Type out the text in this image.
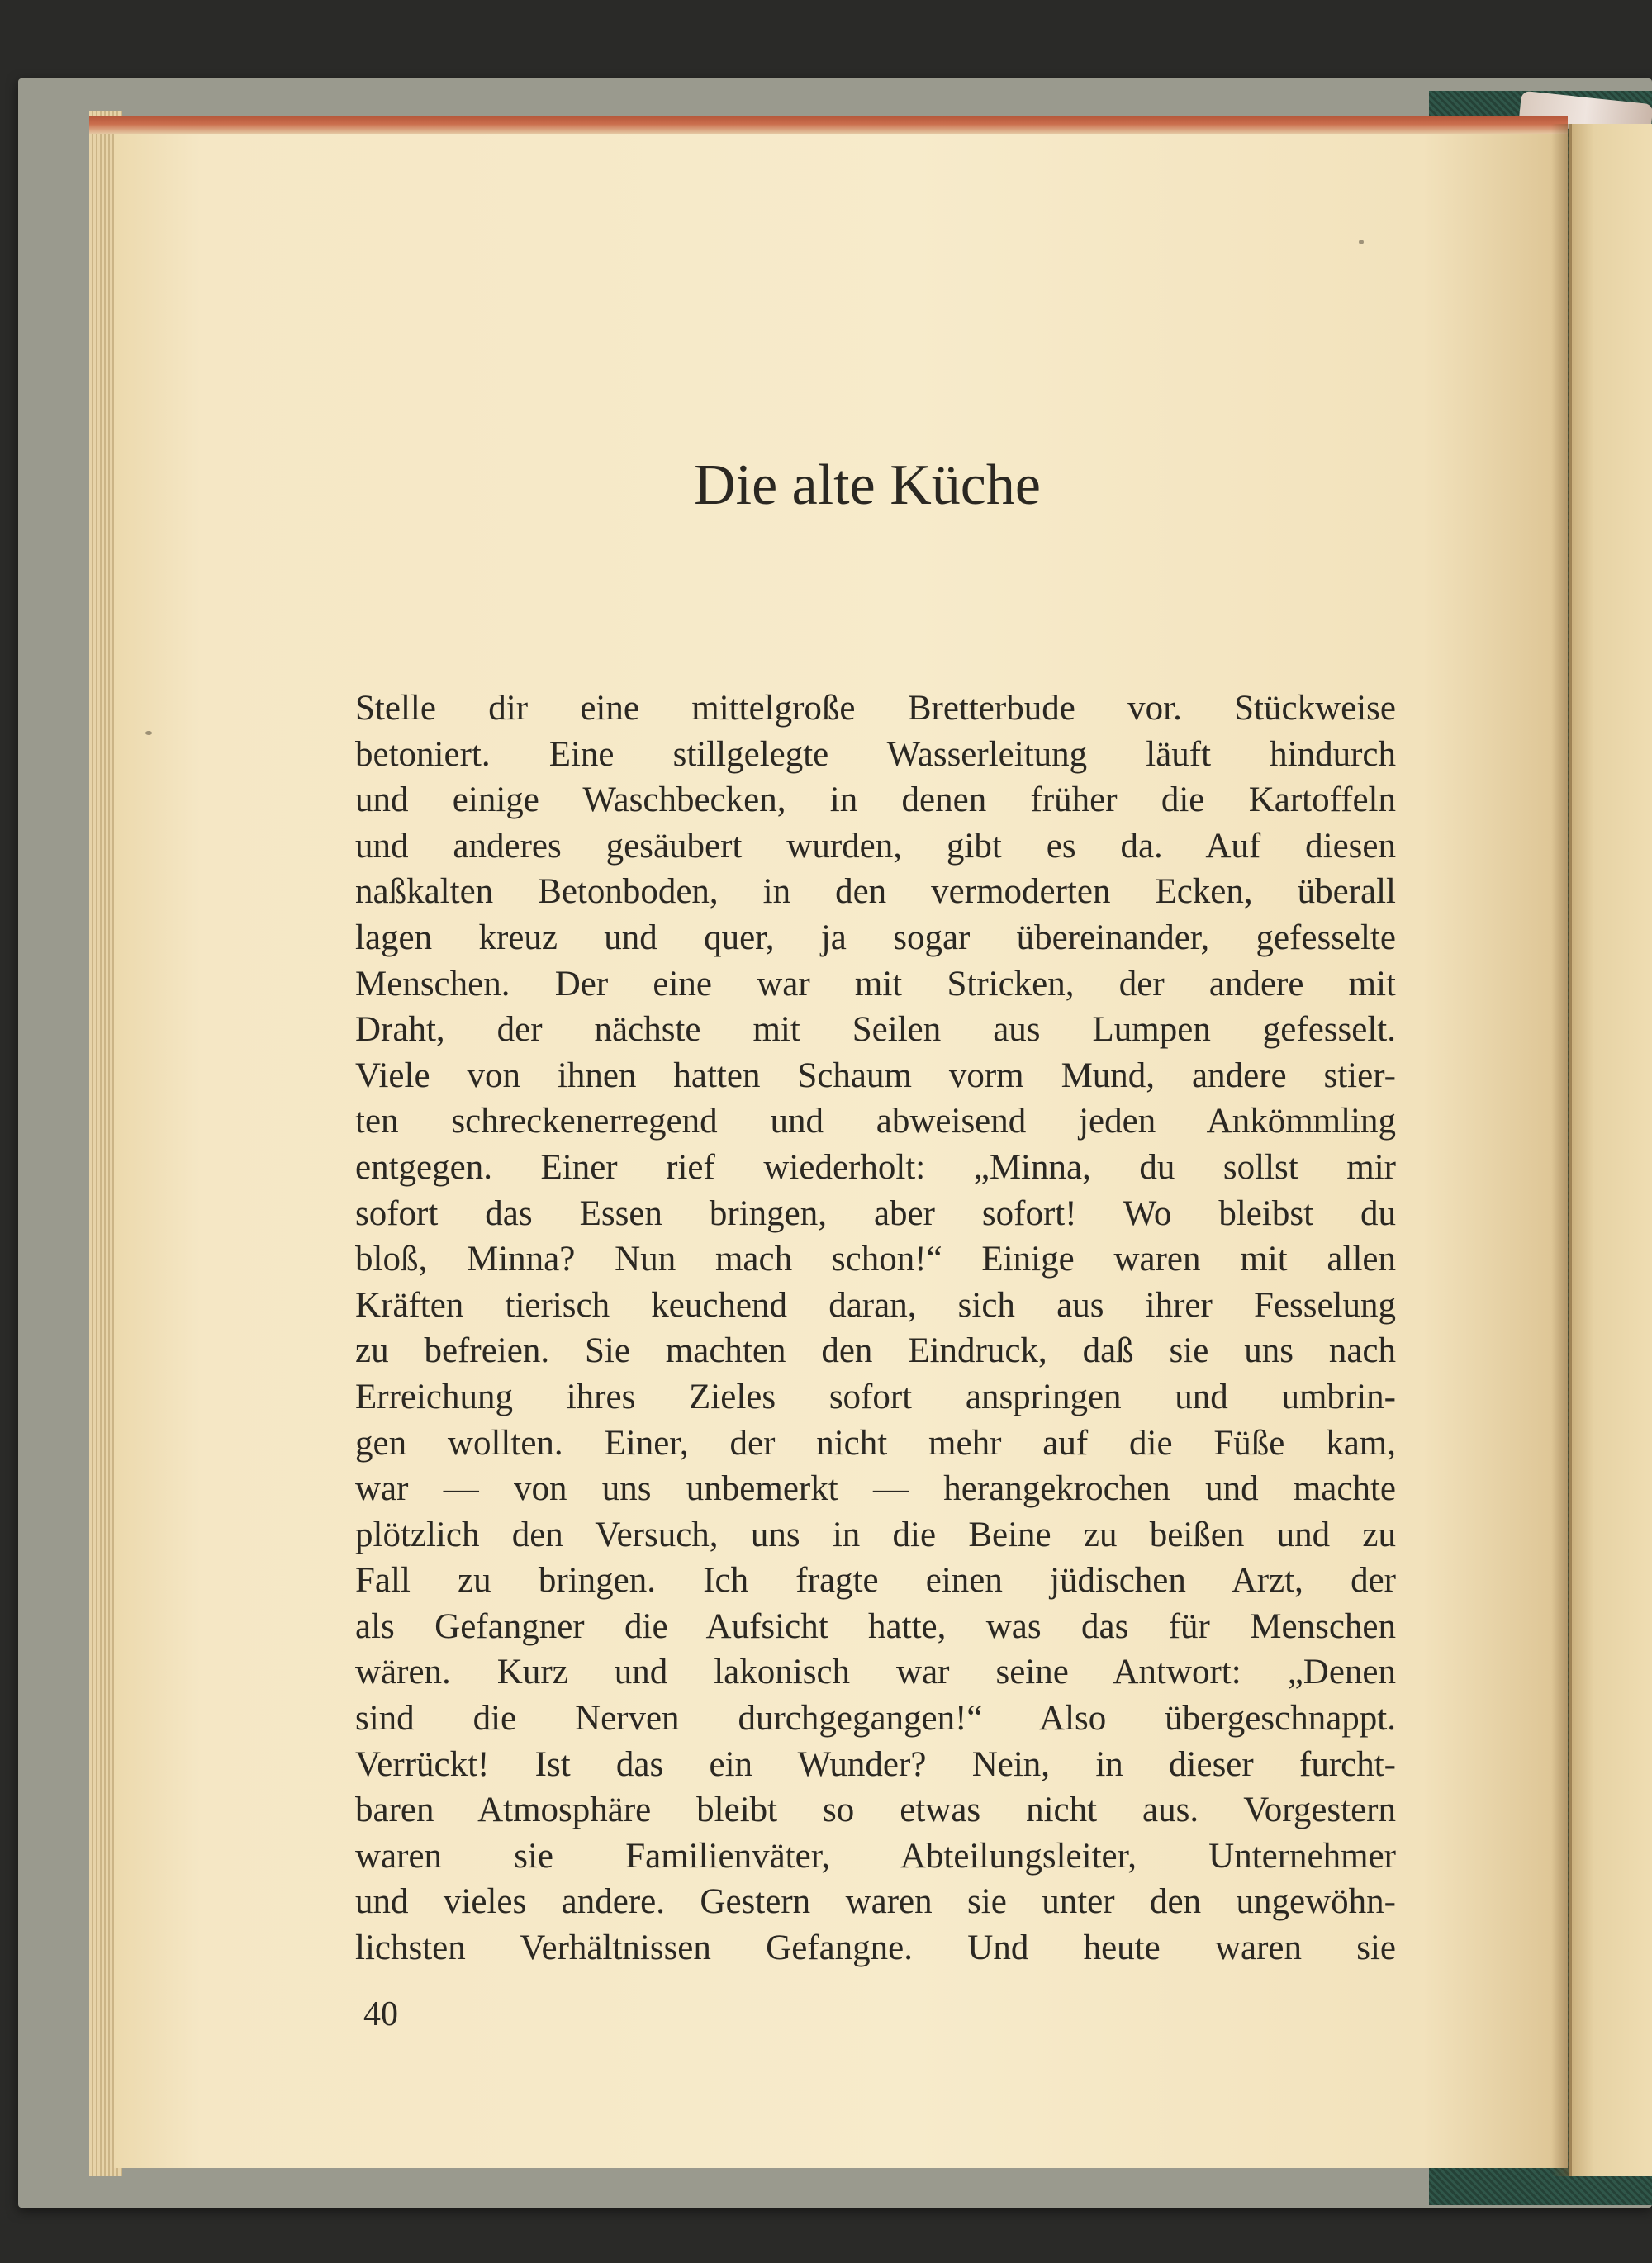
Die alte Küche
Stelle dir eine mittelgroße Bretterbude vor. Stückweise
betoniert. Eine stillgelegte Wasserleitung läuft hindurch
und einige Waschbecken, in denen früher die Kartoffeln
und anderes gesäubert wurden, gibt es da. Auf diesen
naßkalten Betonboden, in den vermoderten Ecken, überall
lagen kreuz und quer, ja sogar übereinander, gefesselte
Menschen. Der eine war mit Stricken, der andere mit
Draht, der nächste mit Seilen aus Lumpen gefesselt.
Viele von ihnen hatten Schaum vorm Mund, andere stier-
ten schreckenerregend und abweisend jeden Ankömmling
entgegen. Einer rief wiederholt: „Minna, du sollst mir
sofort das Essen bringen, aber sofort! Wo bleibst du
bloß, Minna? Nun mach schon!“ Einige waren mit allen
Kräften tierisch keuchend daran, sich aus ihrer Fesselung
zu befreien. Sie machten den Eindruck, daß sie uns nach
Erreichung ihres Zieles sofort anspringen und umbrin-
gen wollten. Einer, der nicht mehr auf die Füße kam,
war — von uns unbemerkt — herangekrochen und machte
plötzlich den Versuch, uns in die Beine zu beißen und zu
Fall zu bringen. Ich fragte einen jüdischen Arzt, der
als Gefangner die Aufsicht hatte, was das für Menschen
wären. Kurz und lakonisch war seine Antwort: „Denen
sind die Nerven durchgegangen!“ Also übergeschnappt.
Verrückt! Ist das ein Wunder? Nein, in dieser furcht-
baren Atmosphäre bleibt so etwas nicht aus. Vorgestern
waren sie Familienväter, Abteilungsleiter, Unternehmer
und vieles andere. Gestern waren sie unter den ungewöhn-
lichsten Verhältnissen Gefangne. Und heute waren sie
40
